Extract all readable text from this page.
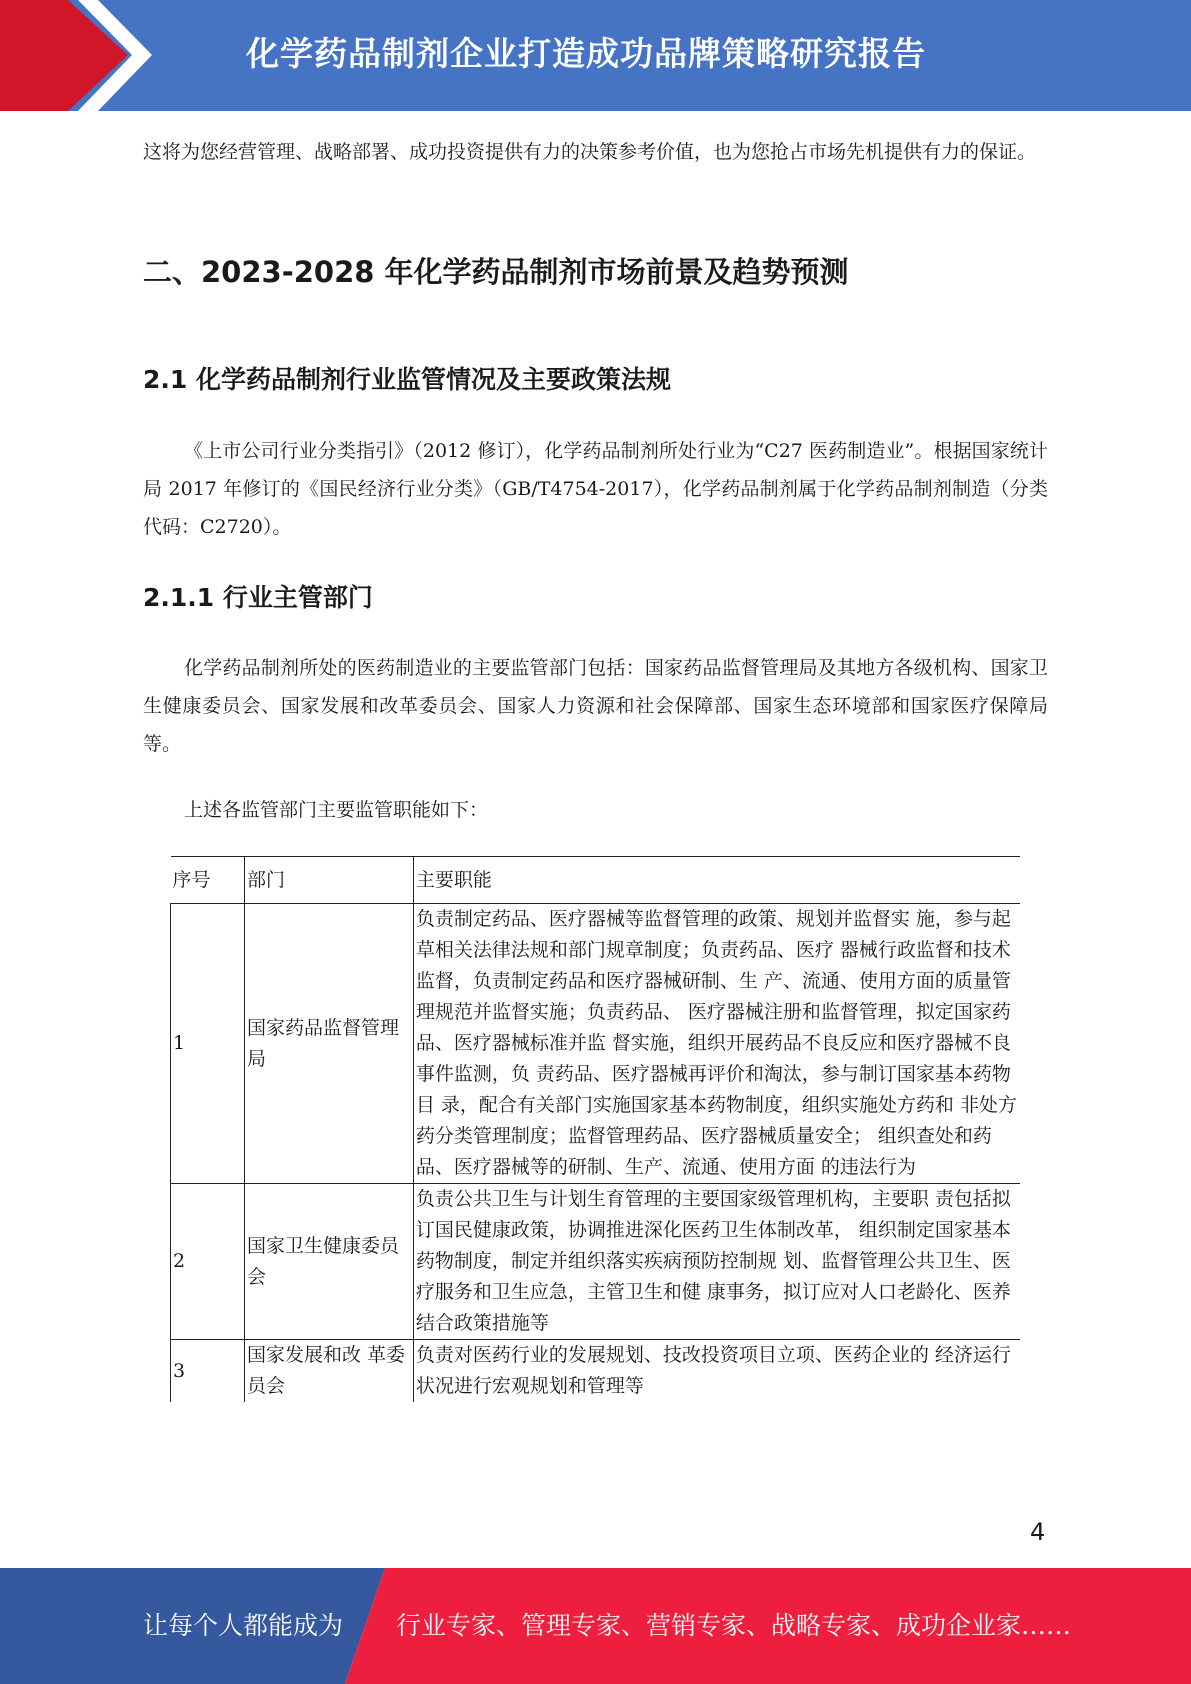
化学药品制剂企业打造成功品牌策略研究报告

这将为您经营管理、战略部署、成功投资提供有力的决策参考价值，也为您抢占市场先机提供有力的保证。

二、2023-2028 年化学药品制剂市场前景及趋势预测
2.1 化学药品制剂行业监管情况及主要政策法规

《上市公司行业分类指引》（2012 修订），化学药品制剂所处行业为“C27 医药制造业”。根据国家统计局 2017 年修订的《国民经济行业分类》（GB/T4754-2017），化学药品制剂属于化学药品制剂制造（分类代码：C2720）。

2.1.1 行业主管部门

化学药品制剂所处的医药制造业的主要监管部门包括：国家药品监督管理局及其地方各级机构、国家卫生健康委员会、国家发展和改革委员会、国家人力资源和社会保障部、国家生态环境部和国家医疗保障局等。

上述各监管部门主要监管职能如下：

序号	部门	主要职能
1	国家药品监督管理局	负责制定药品、医疗器械等监督管理的政策、规划并监督实 施，参与起草相关法律法规和部门规章制度；负责药品、医疗 器械行政监督和技术监督，负责制定药品和医疗器械研制、生 产、流通、使用方面的质量管理规范并监督实施；负责药品、 医疗器械注册和监督管理，拟定国家药品、医疗器械标准并监 督实施，组织开展药品不良反应和医疗器械不良事件监测，负 责药品、医疗器械再评价和淘汰，参与制订国家基本药物目 录，配合有关部门实施国家基本药物制度，组织实施处方药和 非处方药分类管理制度；监督管理药品、医疗器械质量安全； 组织查处和药品、医疗器械等的研制、生产、流通、使用方面 的违法行为
2	国家卫生健康委员会	负责公共卫生与计划生育管理的主要国家级管理机构，主要职 责包括拟订国民健康政策，协调推进深化医药卫生体制改革， 组织制定国家基本药物制度，制定并组织落实疾病预防控制规 划、监督管理公共卫生、医疗服务和卫生应急，主管卫生和健 康事务，拟订应对人口老龄化、医养结合政策措施等
3	国家发展和改 革委员会	负责对医药行业的发展规划、技改投资项目立项、医药企业的 经济运行状况进行宏观规划和管理等
4
让每个人都能成为 行业专家、管理专家、营销专家、战略专家、成功企业家……
